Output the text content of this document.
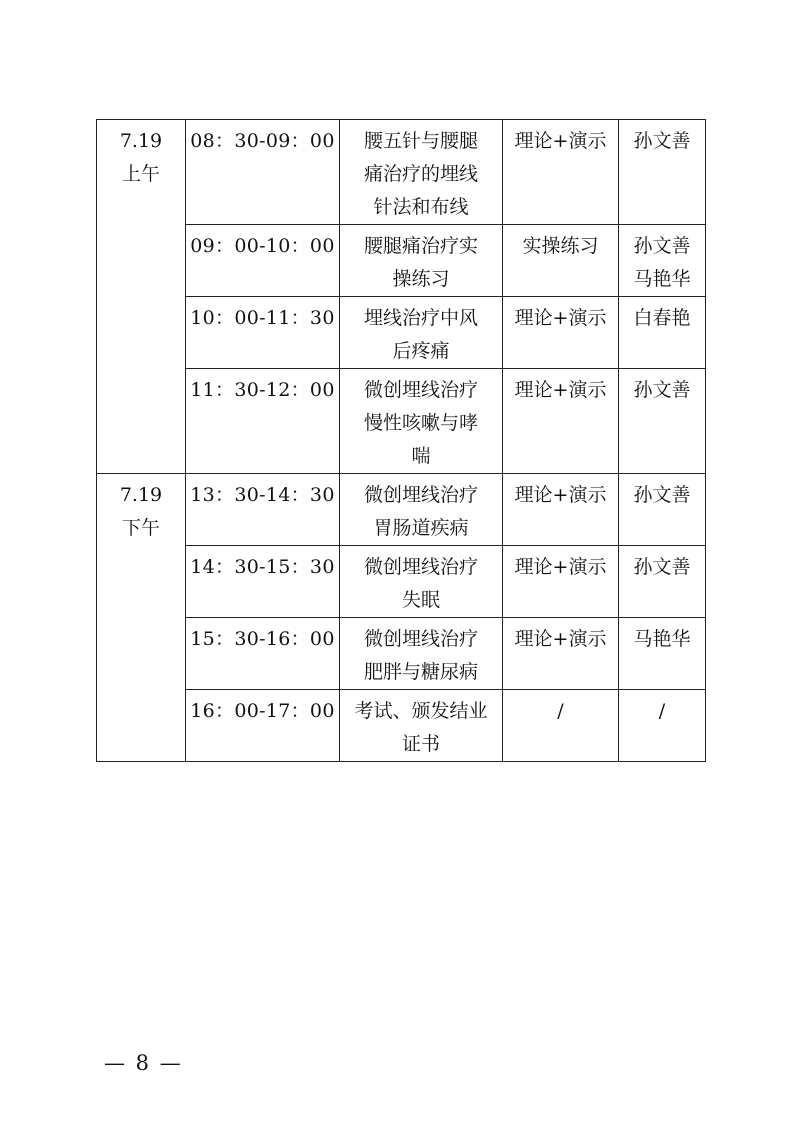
7.19
上午	08：30-09：00	腰五针与腰腿
痛治疗的埋线
针法和布线	理论+演示	孙文善

	09：00-10：00	腰腿痛治疗实
操练习	实操练习	孙文善
马艳华

	10：00-11：30	埋线治疗中风
后疼痛	理论+演示	白春艳

	11：30-12：00	微创埋线治疗
慢性咳嗽与哮
喘	理论+演示	孙文善

7.19
下午	13：30-14：30	微创埋线治疗
胃肠道疾病	理论+演示	孙文善

	14：30-15：30	微创埋线治疗
失眠	理论+演示	孙文善

	15：30-16：00	微创埋线治疗
肥胖与糖尿病	理论+演示	马艳华

	16：00-17：00	考试、颁发结业
证书	/	/
— 8 —
